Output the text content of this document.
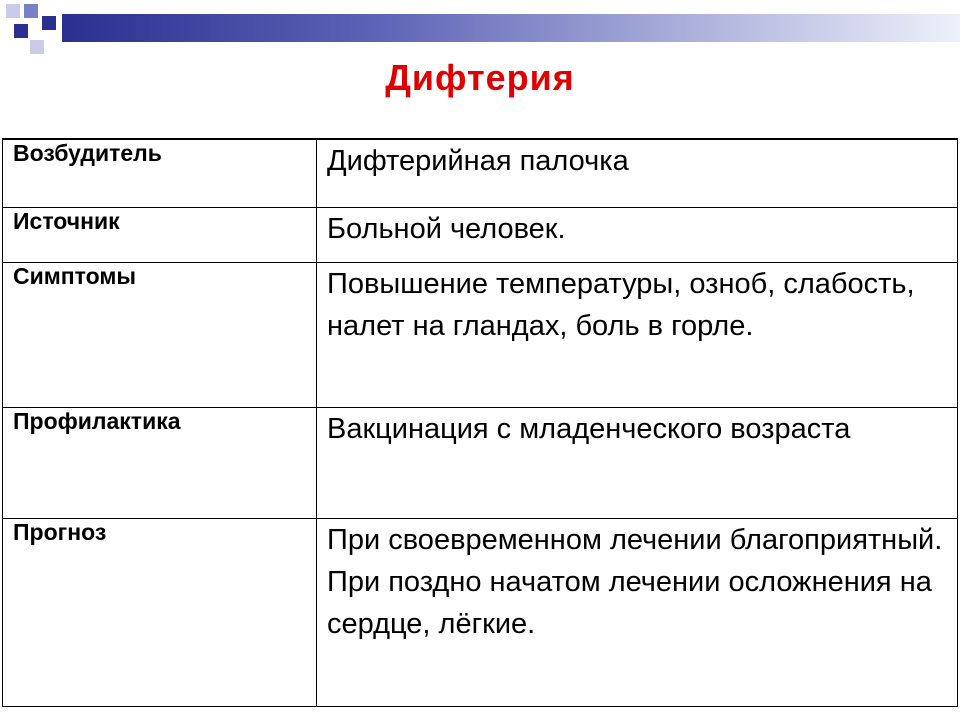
Дифтерия
Возбудитель	Дифтерийная палочка
Источник	Больной человек.
Симптомы	Повышение температуры, озноб, слабость, налет на гландах, боль в горле.
Профилактика	Вакцинация с младенческого возраста
Прогноз	При своевременном лечении благоприятный. При поздно начатом лечении осложнения на сердце, лёгкие.
